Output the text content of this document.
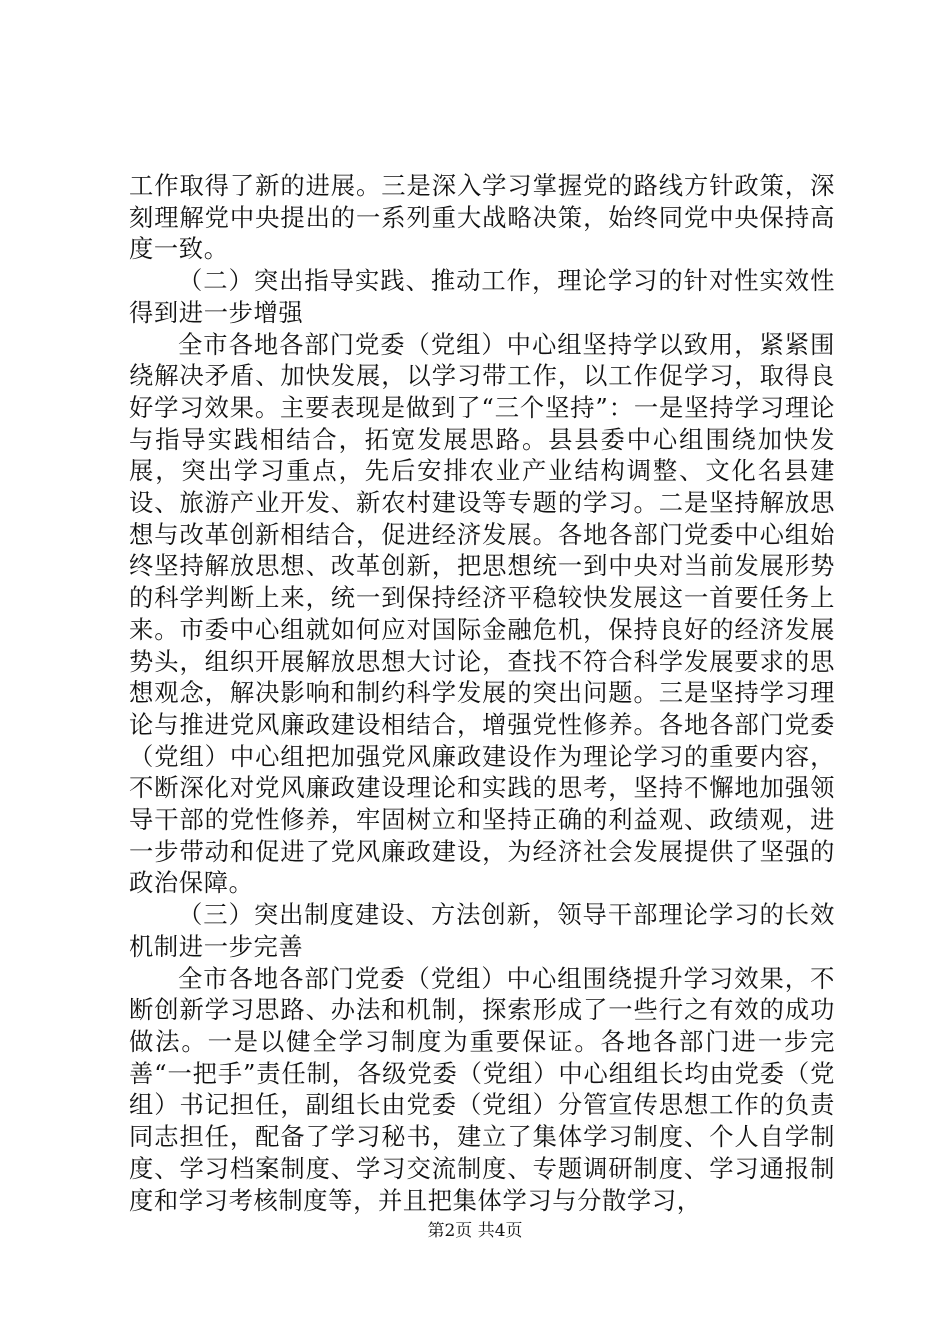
工作取得了新的进展。三是深入学习掌握党的路线方针政策，深刻理解党中央提出的一系列重大战略决策，始终同党中央保持高度一致。

（二）突出指导实践、推动工作，理论学习的针对性实效性得到进一步增强

全市各地各部门党委（党组）中心组坚持学以致用，紧紧围绕解决矛盾、加快发展，以学习带工作，以工作促学习，取得良好学习效果。主要表现是做到了“三个坚持”：一是坚持学习理论与指导实践相结合，拓宽发展思路。县县委中心组围绕加快发展，突出学习重点，先后安排农业产业结构调整、文化名县建设、旅游产业开发、新农村建设等专题的学习。二是坚持解放思想与改革创新相结合，促进经济发展。各地各部门党委中心组始终坚持解放思想、改革创新，把思想统一到中央对当前发展形势的科学判断上来，统一到保持经济平稳较快发展这一首要任务上来。市委中心组就如何应对国际金融危机，保持良好的经济发展势头，组织开展解放思想大讨论，查找不符合科学发展要求的思想观念，解决影响和制约科学发展的突出问题。三是坚持学习理论与推进党风廉政建设相结合，增强党性修养。各地各部门党委（党组）中心组把加强党风廉政建设作为理论学习的重要内容，不断深化对党风廉政建设理论和实践的思考，坚持不懈地加强领导干部的党性修养，牢固树立和坚持正确的利益观、政绩观，进一步带动和促进了党风廉政建设，为经济社会发展提供了坚强的政治保障。

（三）突出制度建设、方法创新，领导干部理论学习的长效机制进一步完善

全市各地各部门党委（党组）中心组围绕提升学习效果，不断创新学习思路、办法和机制，探索形成了一些行之有效的成功做法。一是以健全学习制度为重要保证。各地各部门进一步完善“一把手”责任制，各级党委（党组）中心组组长均由党委（党组）书记担任，副组长由党委（党组）分管宣传思想工作的负责同志担任，配备了学习秘书，建立了集体学习制度、个人自学制度、学习档案制度、学习交流制度、专题调研制度、学习通报制度和学习考核制度等，并且把集体学习与分散学习，

第2页 共4页
